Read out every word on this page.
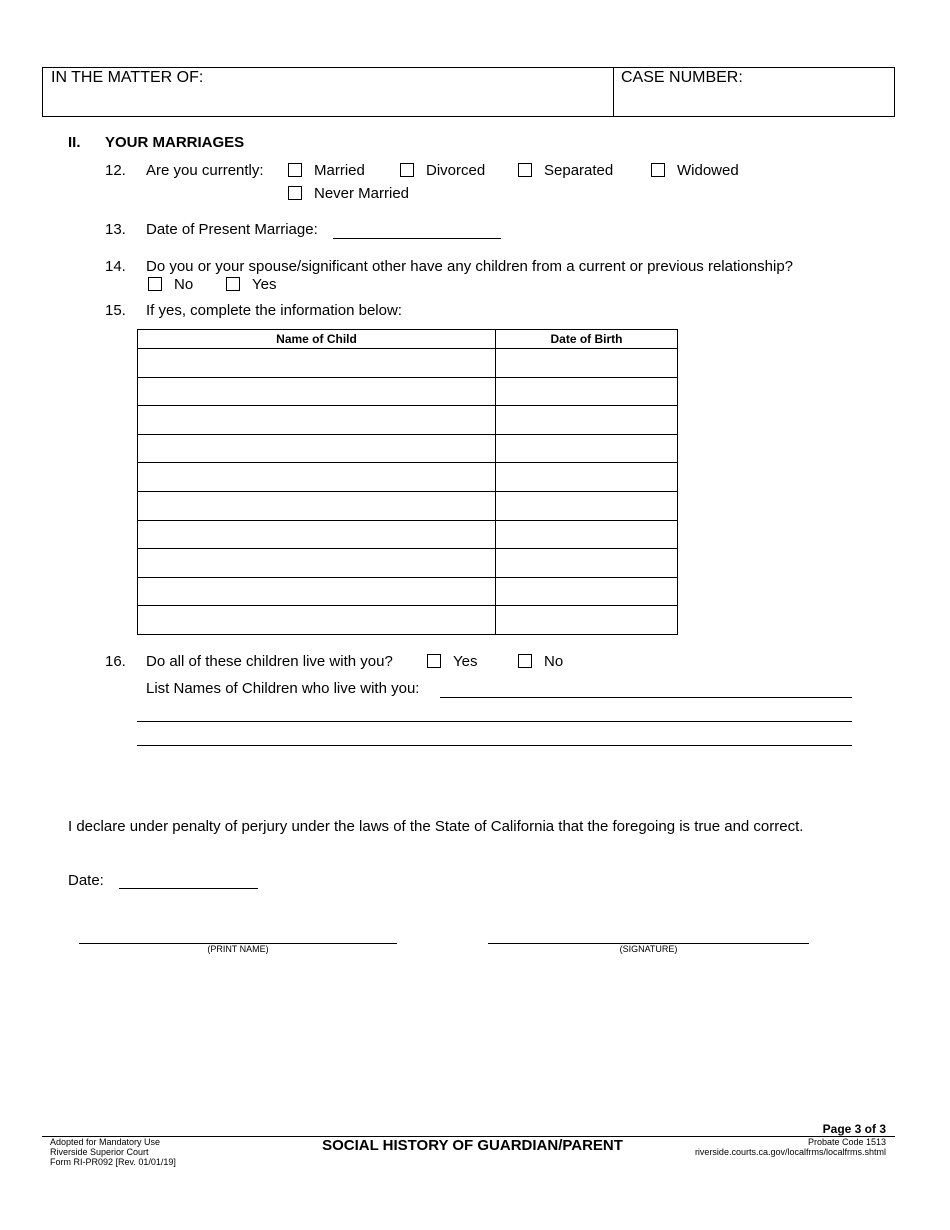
IN THE MATTER OF:	CASE NUMBER:
II. YOUR MARRIAGES
12. Are you currently:	Married	Divorced	Separated	Widowed
Never Married
13. Date of Present Marriage:
14. Do you or your spouse/significant other have any children from a current or previous relationship?
No	Yes
15. If yes, complete the information below:
Name of Child	Date of Birth

16. Do all of these children live with you?	Yes	No
List Names of Children who live with you:
I declare under penalty of perjury under the laws of the State of California that the foregoing is true and correct.
Date:
(PRINT NAME)	(SIGNATURE)
Page 3 of 3
Adopted for Mandatory Use
Riverside Superior Court
Form RI-PR092 [Rev. 01/01/19]
SOCIAL HISTORY OF GUARDIAN/PARENT	Probate Code 1513
riverside.courts.ca.gov/localfrms/localfrms.shtml
